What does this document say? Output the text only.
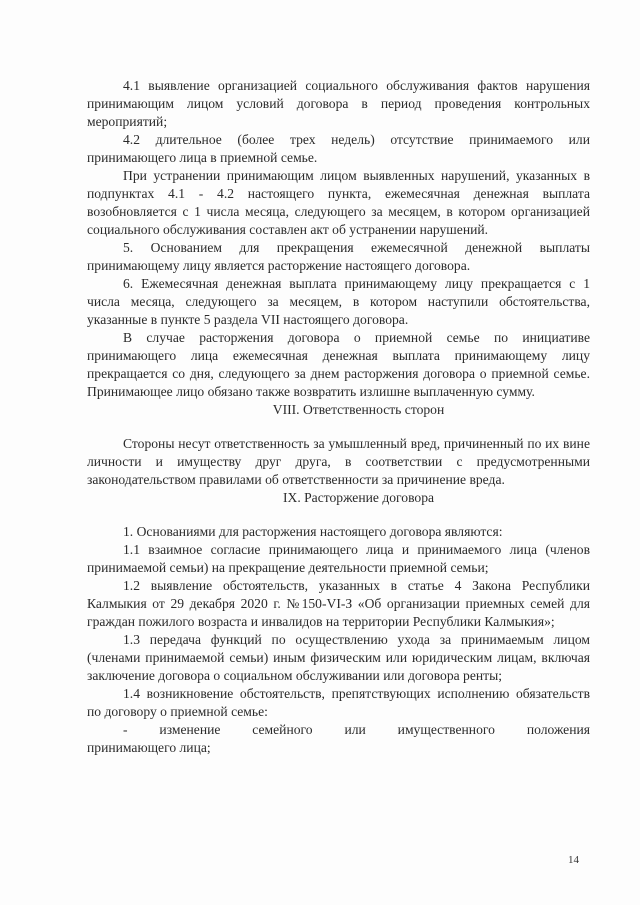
4.1 выявление организацией социального обслуживания фактов нарушения принимающим лицом условий договора в период проведения контрольных мероприятий;

4.2 длительное (более трех недель) отсутствие принимаемого или принимающего лица в приемной семье.

При устранении принимающим лицом выявленных нарушений, указанных в подпунктах 4.1 - 4.2 настоящего пункта, ежемесячная денежная выплата возобновляется с 1 числа месяца, следующего за месяцем, в котором организацией социального обслуживания составлен акт об устранении нарушений.

5. Основанием для прекращения ежемесячной денежной выплаты принимающему лицу является расторжение настоящего договора.

6. Ежемесячная денежная выплата принимающему лицу прекращается с 1 числа месяца, следующего за месяцем, в котором наступили обстоятельства, указанные в пункте 5 раздела VII настоящего договора.

В случае расторжения договора о приемной семье по инициативе принимающего лица ежемесячная денежная выплата принимающему лицу прекращается со дня, следующего за днем расторжения договора о приемной семье. Принимающее лицо обязано также возвратить излишне выплаченную сумму.

VIII. Ответственность сторон

Стороны несут ответственность за умышленный вред, причиненный по их вине личности и имуществу друг друга, в соответствии с предусмотренными законодательством правилами об ответственности за причинение вреда.

IX. Расторжение договора

1. Основаниями для расторжения настоящего договора являются:

1.1 взаимное согласие принимающего лица и принимаемого лица (членов принимаемой семьи) на прекращение деятельности приемной семьи;

1.2 выявление обстоятельств, указанных в статье 4 Закона Республики Калмыкия от 29 декабря 2020 г. №150-VI-З «Об организации приемных семей для граждан пожилого возраста и инвалидов на территории Республики Калмыкия»;

1.3 передача функций по осуществлению ухода за принимаемым лицом (членами принимаемой семьи) иным физическим или юридическим лицам, включая заключение договора о социальном обслуживании или договора ренты;

1.4 возникновение обстоятельств, препятствующих исполнению обязательств по договору о приемной семье:

- изменение семейного или имущественного положения

принимающего лица;

14
